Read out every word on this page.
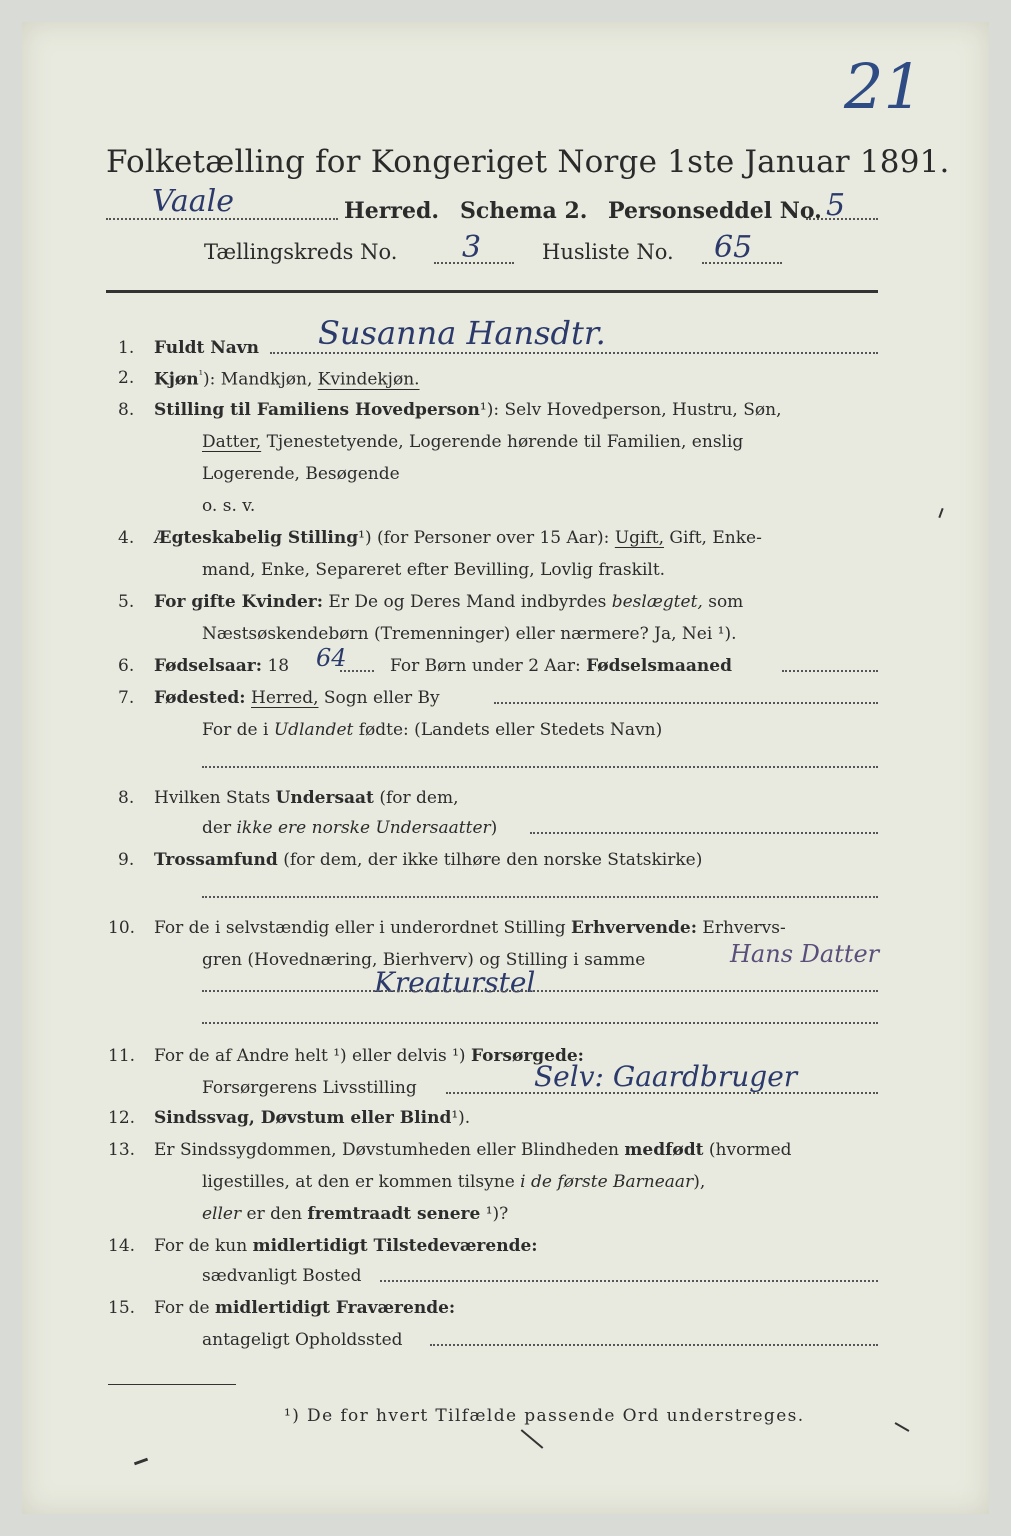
21
Folketælling for Kongeriget Norge 1ste Januar 1891.
Vaale	Herred. Schema 2. Personseddel No. 5
Tællingskreds No. 3	Husliste No. 65
1. Fuldt Navn Susanna Hansdtr.
2. Kjøn$^{^1}$): Mandkjøn, Kvindekjøn.
8. Stilling til Familiens Hovedperson¹): Selv Hovedperson, Hustru, Søn,
Datter, Tjenestetyende, Logerende hørende til Familien, enslig
Logerende, Besøgende
o. s. v.
4. Ægteskabelig Stilling¹) (for Personer over 15 Aar): Ugift, Gift, Enke-
mand, Enke, Separeret efter Bevilling, Lovlig fraskilt.
5. For gifte Kvinder: Er De og Deres Mand indbyrdes beslægtet, som
Næstsøskendebørn (Tremenninger) eller nærmere? Ja, Nei ¹).
6. Fødselsaar: 18 64	For Børn under 2 Aar: Fødselsmaaned
7. Fødested: Herred, Sogn eller By
For de i Udlandet fødte: (Landets eller Stedets Navn)
8. Hvilken Stats Undersaat (for dem,
der ikke ere norske Undersaatter)
9. Trossamfund (for dem, der ikke tilhøre den norske Statskirke)
10. For de i selvstændig eller i underordnet Stilling Erhvervende: Erhvervs-
gren (Hovednæring, Bierhverv) og Stilling i samme	Hans Datter
Kreaturstel
11. For de af Andre helt ¹) eller delvis ¹) Forsørgede:
Forsørgerens Livsstilling	Selv: Gaardbruger
12. Sindssvag, Døvstum eller Blind¹).
13. Er Sindssygdommen, Døvstumheden eller Blindheden medfødt (hvormed
ligestilles, at den er kommen tilsyne i de første Barneaar),
eller er den fremtraadt senere ¹)?
14. For de kun midlertidigt Tilstedeværende:
sædvanligt Bosted
15. For de midlertidigt Fraværende:
antageligt Opholdssted
¹) De for hvert Tilfælde passende Ord understreges.
